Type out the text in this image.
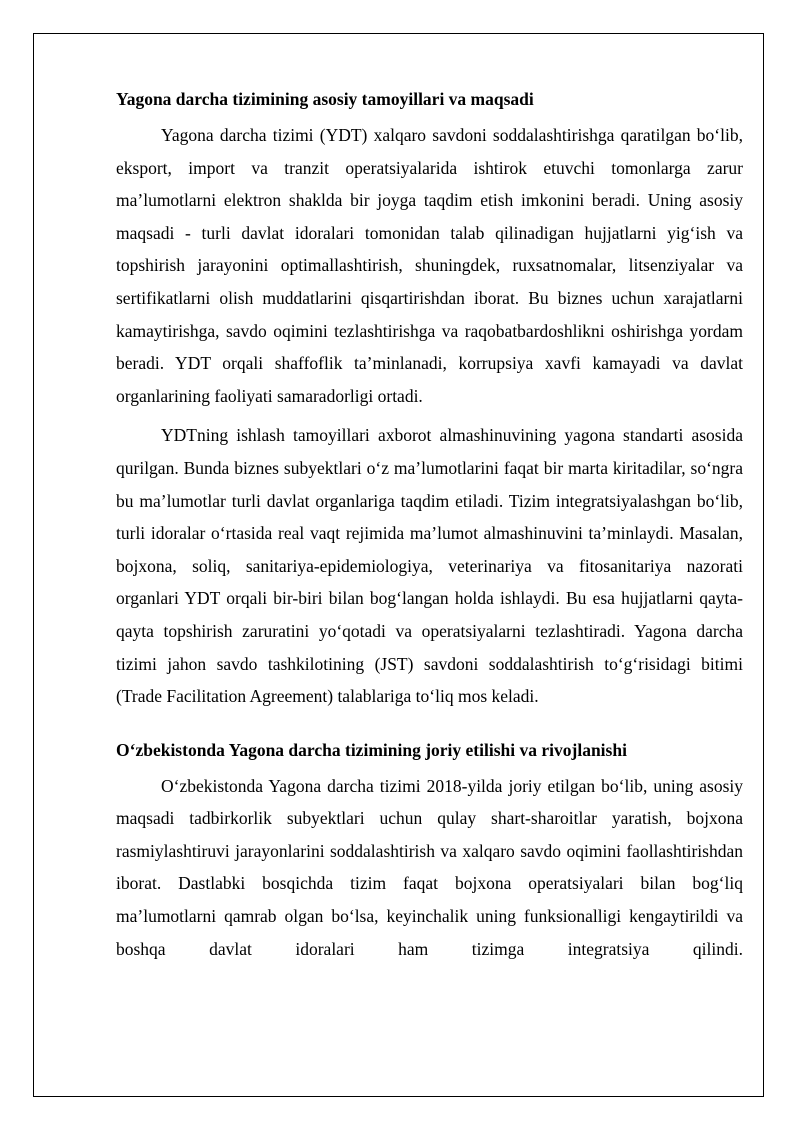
Yagona darcha tizimining asosiy tamoyillari va maqsadi

Yagona darcha tizimi (YDT) xalqaro savdoni soddalashtirishga qaratilgan bo‘lib, eksport, import va tranzit operatsiyalarida ishtirok etuvchi tomonlarga zarur ma’lumotlarni elektron shaklda bir joyga taqdim etish imkonini beradi. Uning asosiy maqsadi - turli davlat idoralari tomonidan talab qilinadigan hujjatlarni yig‘ish va topshirish jarayonini optimallashtirish, shuningdek, ruxsatnomalar, litsenziyalar va sertifikatlarni olish muddatlarini qisqartirishdan iborat. Bu biznes uchun xarajatlarni kamaytirishga, savdo oqimini tezlashtirishga va raqobatbardoshlikni oshirishga yordam beradi. YDT orqali shaffoflik ta’minlanadi, korrupsiya xavfi kamayadi va davlat organlarining faoliyati samaradorligi ortadi.

YDTning ishlash tamoyillari axborot almashinuvining yagona standarti asosida qurilgan. Bunda biznes subyektlari o‘z ma’lumotlarini faqat bir marta kiritadilar, so‘ngra bu ma’lumotlar turli davlat organlariga taqdim etiladi. Tizim integratsiyalashgan bo‘lib, turli idoralar o‘rtasida real vaqt rejimida ma’lumot almashinuvini ta’minlaydi. Masalan, bojxona, soliq, sanitariya-epidemiologiya, veterinariya va fitosanitariya nazorati organlari YDT orqali bir-biri bilan bog‘langan holda ishlaydi. Bu esa hujjatlarni qayta-qayta topshirish zaruratini yo‘qotadi va operatsiyalarni tezlashtiradi. Yagona darcha tizimi jahon savdo tashkilotining (JST) savdoni soddalashtirish to‘g‘risidagi bitimi (Trade Facilitation Agreement) talablariga to‘liq mos keladi.

O‘zbekistonda Yagona darcha tizimining joriy etilishi va rivojlanishi

O‘zbekistonda Yagona darcha tizimi 2018-yilda joriy etilgan bo‘lib, uning asosiy maqsadi tadbirkorlik subyektlari uchun qulay shart-sharoitlar yaratish, bojxona rasmiylashtiruvi jarayonlarini soddalashtirish va xalqaro savdo oqimini faollashtirishdan iborat. Dastlabki bosqichda tizim faqat bojxona operatsiyalari bilan bog‘liq ma’lumotlarni qamrab olgan bo‘lsa, keyinchalik uning funksionalligi kengaytirildi va boshqa davlat idoralari ham tizimga integratsiya qilindi.
